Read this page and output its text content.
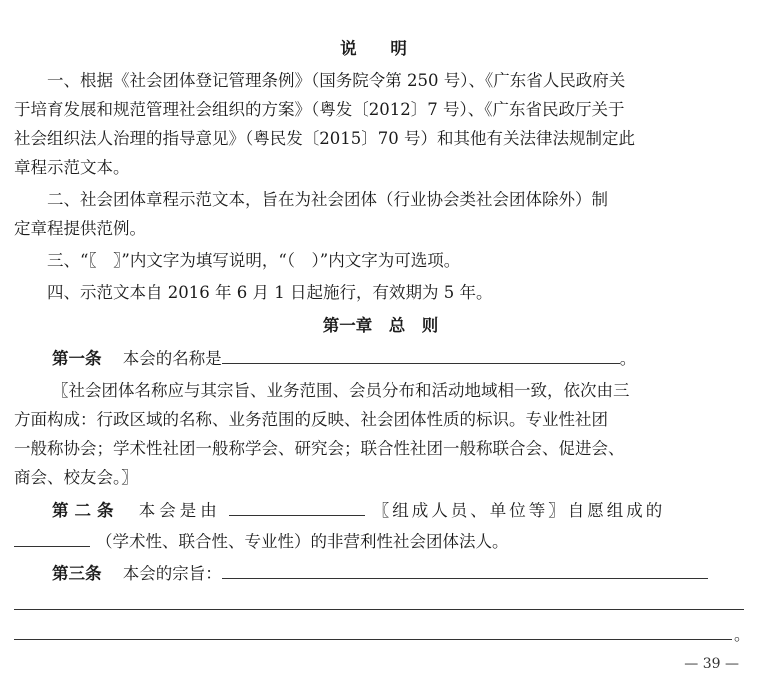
说 明
一、根据《社会团体登记管理条例》（国务院令第 250 号）、《广东省人民政府关
于培育发展和规范管理社会组织的方案》（粤发〔2012〕7 号）、《广东省民政厅关于
社会组织法人治理的指导意见》（粤民发〔2015〕70 号）和其他有关法律法规制定此
章程示范文本。
二、社会团体章程示范文本，旨在为社会团体（行业协会类社会团体除外）制
定章程提供范例。
三、“〖　〗”内文字为填写说明，“（　）”内文字为可选项。
四、示范文本自 2016 年 6 月 1 日起施行，有效期为 5 年。
第一章　总　则
第一条 本会的名称是	。
〖社会团体名称应与其宗旨、业务范围、会员分布和活动地域相一致，依次由三
方面构成：行政区域的名称、业务范围的反映、社会团体性质的标识。专业性社团
一般称协会；学术性社团一般称学会、研究会；联合性社团一般称联合会、促进会、
商会、校友会。〗
第二条 本会是由	〖组成人员、单位等〗自愿组成的
（学术性、联合性、专业性）的非营利性社会团体法人。
第三条 本会的宗旨：
。
— 39 —
